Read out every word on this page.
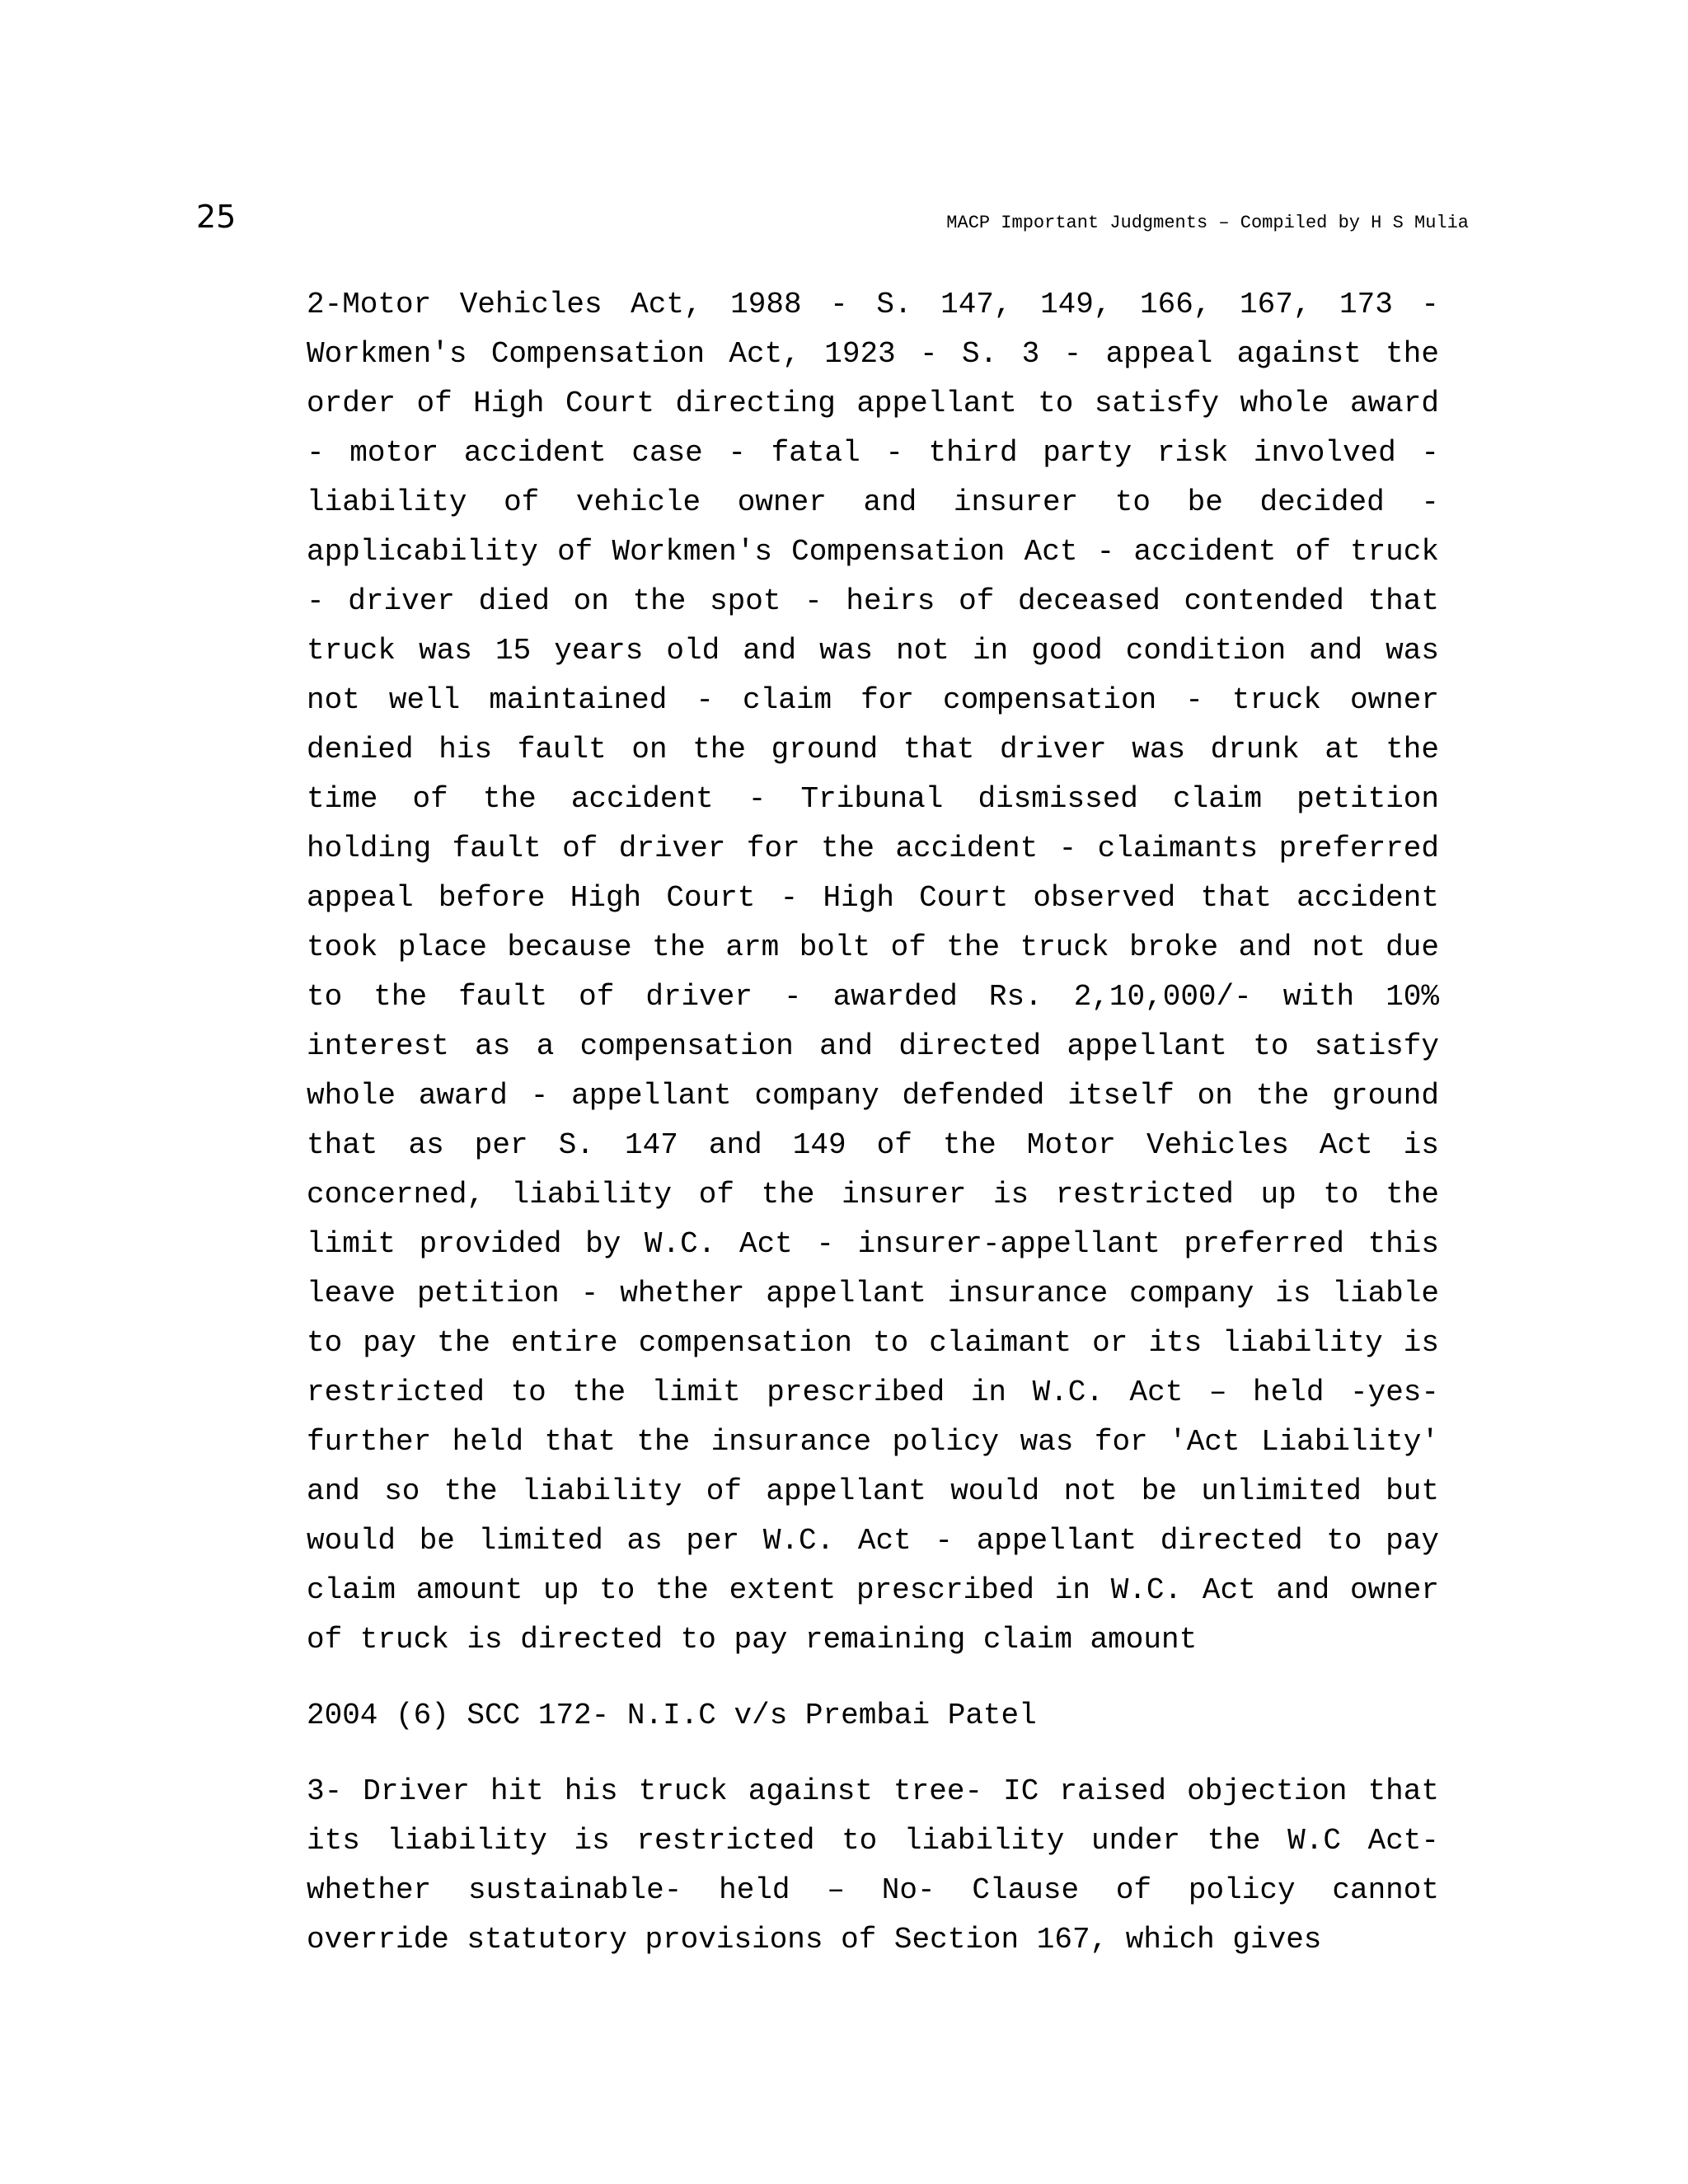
25	MACP Important Judgments – Compiled by H S Mulia

2-Motor Vehicles Act, 1988 - S. 147, 149, 166, 167, 173 - Workmen's Compensation Act, 1923 - S. 3 - appeal against the order of High Court directing appellant to satisfy whole award - motor accident case - fatal - third party risk involved - liability of vehicle owner and insurer to be decided - applicability of Workmen's Compensation Act - accident of truck - driver died on the spot - heirs of deceased contended that truck was 15 years old and was not in good condition and was not well maintained - claim for compensation - truck owner denied his fault on the ground that driver was drunk at the time of the accident - Tribunal dismissed claim petition holding fault of driver for the accident - claimants preferred appeal before High Court - High Court observed that accident took place because the arm bolt of the truck broke and not due to the fault of driver - awarded Rs. 2,10,000/- with 10% interest as a compensation and directed appellant to satisfy whole award - appellant company defended itself on the ground that as per S. 147 and 149 of the Motor Vehicles Act is concerned, liability of the insurer is restricted up to the limit provided by W.C. Act - insurer-appellant preferred this leave petition - whether appellant insurance company is liable to pay the entire compensation to claimant or its liability is restricted to the limit prescribed in W.C. Act – held -yes- further held that the insurance policy was for 'Act Liability' and so the liability of appellant would not be unlimited but would be limited as per W.C. Act - appellant directed to pay claim amount up to the extent prescribed in W.C. Act and owner of truck is directed to pay remaining claim amount

2004 (6) SCC 172- N.I.C v/s Prembai Patel

3- Driver hit his truck against tree- IC raised objection that its liability is restricted to liability under the W.C Act- whether sustainable- held – No- Clause of policy cannot override statutory provisions of Section 167, which gives
